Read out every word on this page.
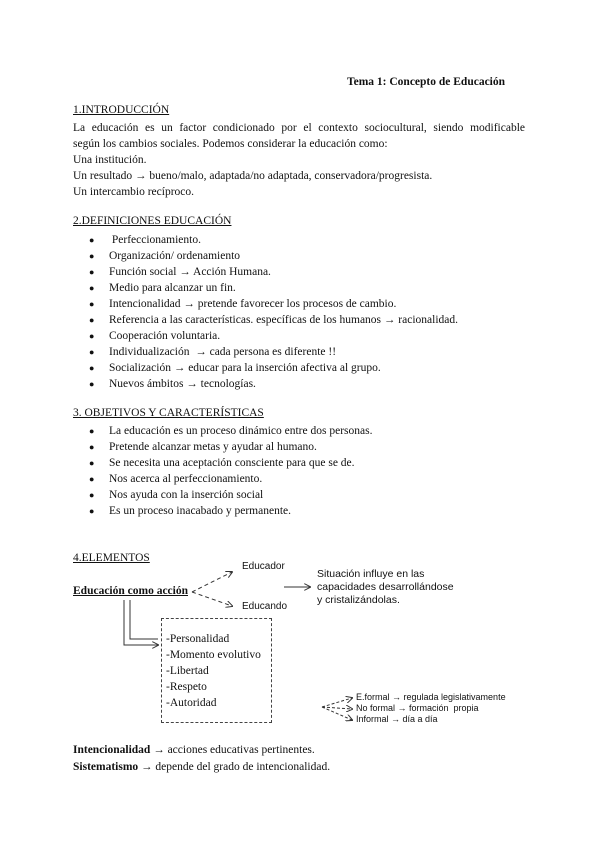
Tema 1: Concepto de Educación
1.INTRODUCCIÓN

La educación es un factor condicionado por el contexto sociocultural, siendo modificable

según los cambios sociales. Podemos considerar la educación como:

Una institución.

Un resultado → bueno/malo, adaptada/no adaptada, conservadora/progresista.

Un intercambio recíproco.

2.DEFINICIONES EDUCACIÓN
● Perfeccionamiento.
● Organización/ ordenamiento
● Función social → Acción Humana.
● Medio para alcanzar un fin.
● Intencionalidad → pretende favorecer los procesos de cambio.
● Referencia a las características. específicas de los humanos → racionalidad.
● Cooperación voluntaria.
● Individualización  → cada persona es diferente !!
● Socialización → educar para la inserción afectiva al grupo.
● Nuevos ámbitos → tecnologías.
3. OBJETIVOS Y CARACTERÍSTICAS
● La educación es un proceso dinámico entre dos personas.
● Pretende alcanzar metas y ayudar al humano.
● Se necesita una aceptación consciente para que se de.
● Nos acerca al perfeccionamiento.
● Nos ayuda con la inserción social
● Es un proceso inacabado y permanente.
4.ELEMENTOS
Educación como acción
Educador
Educando
Situación influye en las
capacidades desarrollándose
y cristalizándolas.
-Personalidad
-Momento evolutivo
-Libertad
-Respeto
-Autoridad	E.formal → regulada legislativamente
No formal → formación  propia
Informal → día a día
Intencionalidad → acciones educativas pertinentes.
Sistematismo → depende del grado de intencionalidad.
